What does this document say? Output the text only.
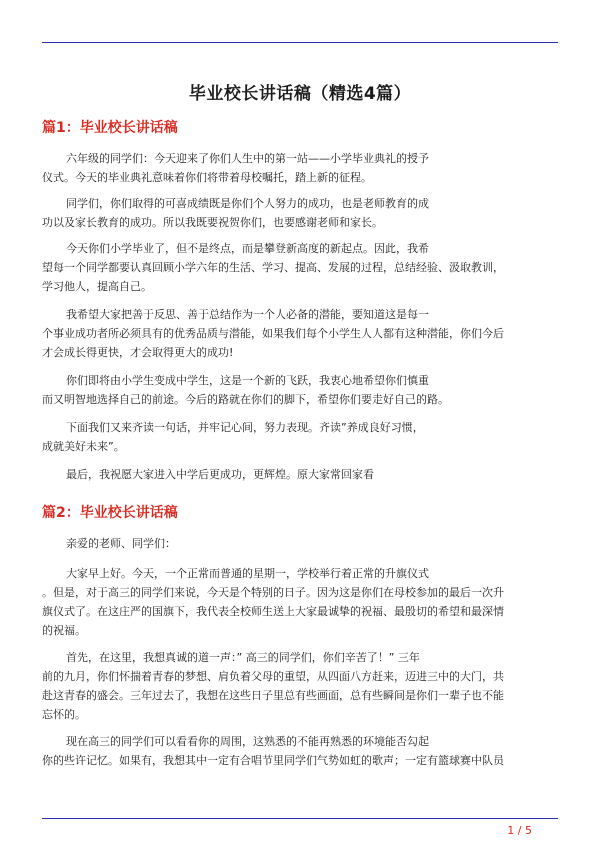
毕业校长讲话稿（精选4篇）
篇1：毕业校长讲话稿
六年级的同学们：今天迎来了你们人生中的第一站——小学毕业典礼的授予
仪式。今天的毕业典礼意味着你们将带着母校嘱托，踏上新的征程。
同学们，你们取得的可喜成绩既是你们个人努力的成功，也是老师教育的成
功以及家长教育的成功。所以我既要祝贺你们，也要感谢老师和家长。
今天你们小学毕业了，但不是终点，而是攀登新高度的新起点。因此，我希
望每一个同学都要认真回顾小学六年的生活、学习、提高、发展的过程，总结经验、汲取教训，
学习他人，提高自己。
我希望大家把善于反思、善于总结作为一个人必备的潜能，要知道这是每一
个事业成功者所必须具有的优秀品质与潜能，如果我们每个小学生人人都有这种潜能，你们今后
才会成长得更快，才会取得更大的成功!
你们即将由小学生变成中学生，这是一个新的飞跃，我衷心地希望你们慎重
而又明智地选择自己的前途。今后的路就在你们的脚下，希望你们要走好自己的路。
下面我们又来齐读一句话，并牢记心间，努力表现。齐读”养成良好习惯，
成就美好未来”。
最后，我祝愿大家进入中学后更成功，更辉煌。原大家常回家看
篇2：毕业校长讲话稿
亲爱的老师、同学们：
大家早上好。今天，一个正常而普通的星期一，学校举行着正常的升旗仪式
。但是，对于高三的同学们来说，今天是个特别的日子。因为这是你们在母校参加的最后一次升
旗仪式了。在这庄严的国旗下，我代表全校师生送上大家最诚挚的祝福、最殷切的希望和最深情
的祝福。
首先，在这里，我想真诚的道一声：” 高三的同学们，你们辛苦了！” 三年
前的九月，你们怀揣着青春的梦想、肩负着父母的重望，从四面八方赶来，迈进三中的大门，共
赴这青春的盛会。三年过去了，我想在这些日子里总有些画面，总有些瞬间是你们一辈子也不能
忘怀的。
现在高三的同学们可以看看你的周围，这熟悉的不能再熟悉的环境能否勾起
你的些许记忆。如果有，我想其中一定有合唱节里同学们气势如虹的歌声；一定有篮球赛中队员
1 / 5
